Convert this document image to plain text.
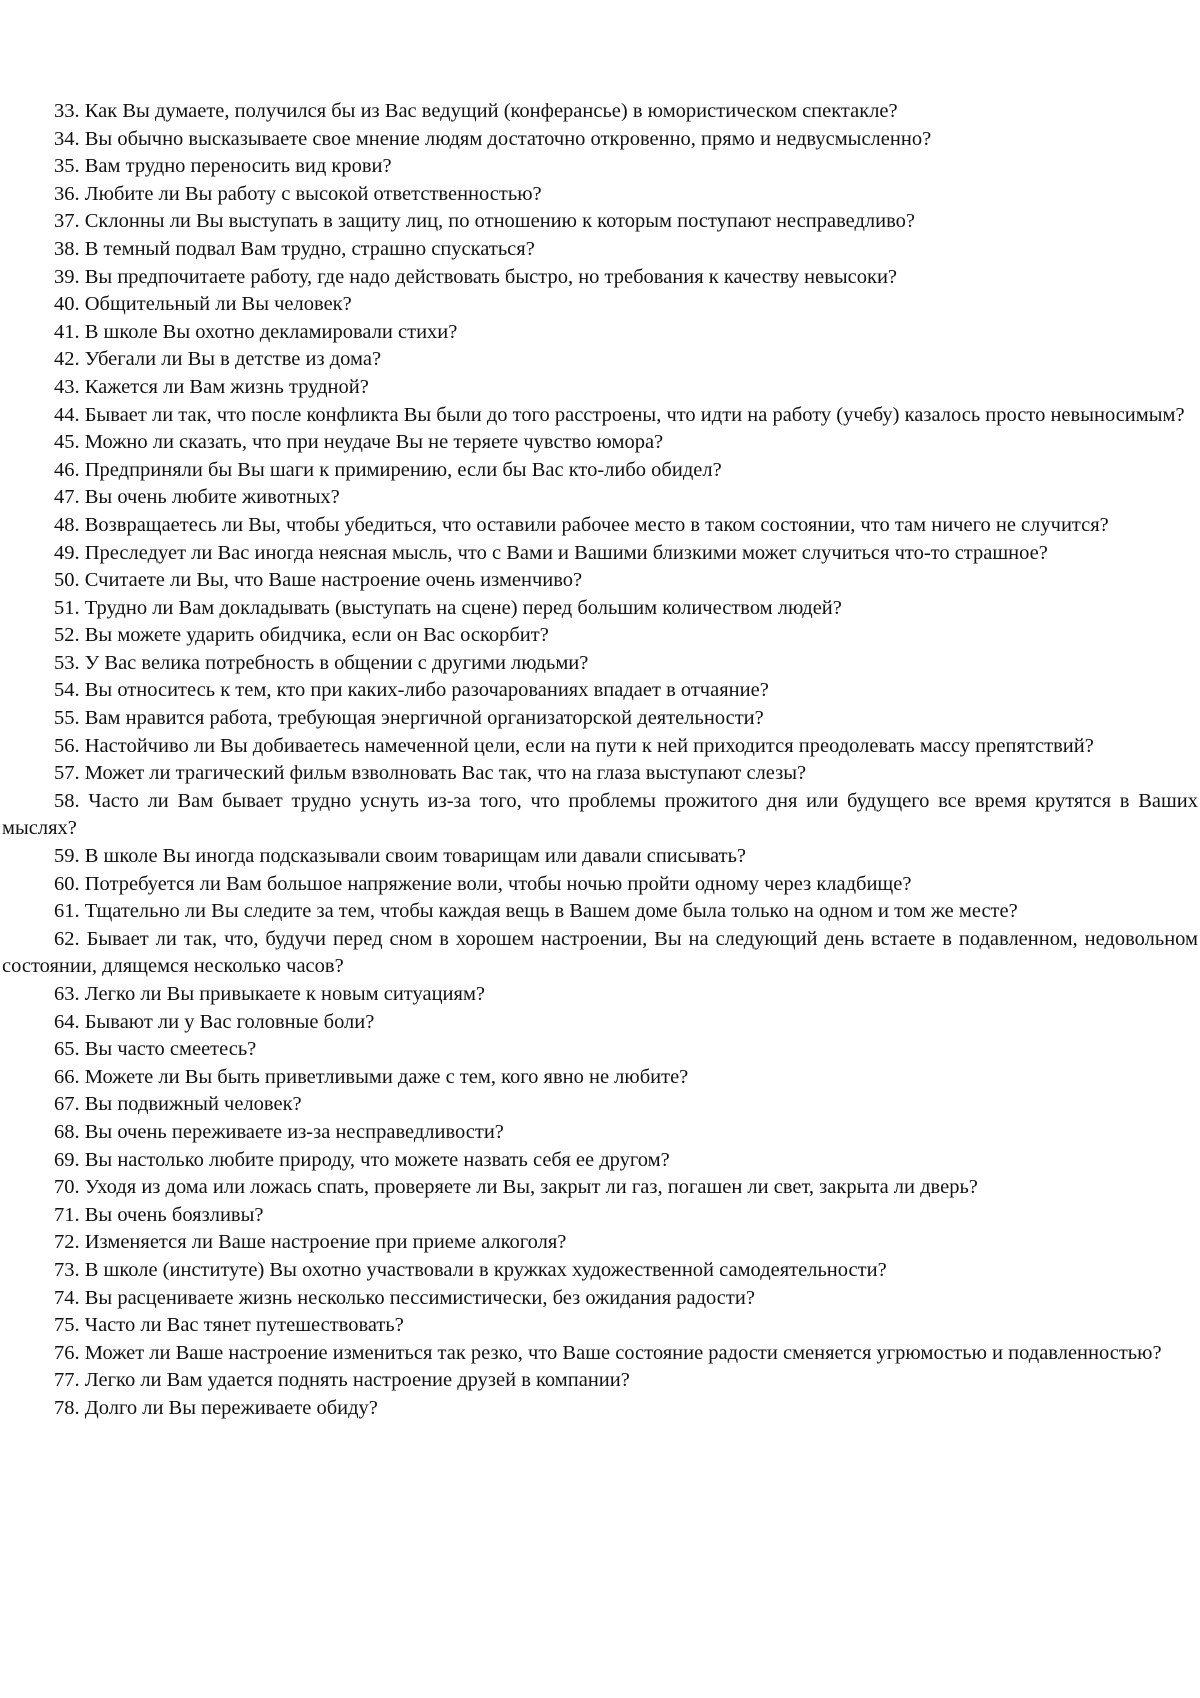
33. Как Вы думаете, получился бы из Вас ведущий (конферансье) в юмористическом спектакле?

34. Вы обычно высказываете свое мнение людям достаточно откровенно, прямо и недвусмысленно?

35. Вам трудно переносить вид крови?

36. Любите ли Вы работу с высокой ответственностью?

37. Склонны ли Вы выступать в защиту лиц, по отношению к которым поступают несправедливо?

38. В темный подвал Вам трудно, страшно спускаться?

39. Вы предпочитаете работу, где надо действовать быстро, но требования к качеству невысоки?

40. Общительный ли Вы человек?

41. В школе Вы охотно декламировали стихи?

42. Убегали ли Вы в детстве из дома?

43. Кажется ли Вам жизнь трудной?

44. Бывает ли так, что после конфликта Вы были до того расстроены, что идти на работу (учебу) казалось просто невыносимым?

45. Можно ли сказать, что при неудаче Вы не теряете чувство юмора?

46. Предприняли бы Вы шаги к примирению, если бы Вас кто-либо обидел?

47. Вы очень любите животных?

48. Возвращаетесь ли Вы, чтобы убедиться, что оставили рабочее место в таком состоянии, что там ничего не случится?

49. Преследует ли Вас иногда неясная мысль, что с Вами и Вашими близкими может случиться что-то страшное?

50. Считаете ли Вы, что Ваше настроение очень изменчиво?

51. Трудно ли Вам докладывать (выступать на сцене) перед большим количеством людей?

52. Вы можете ударить обидчика, если он Вас оскорбит?

53. У Вас велика потребность в общении с другими людьми?

54. Вы относитесь к тем, кто при каких-либо разочарованиях впадает в отчаяние?

55. Вам нравится работа, требующая энергичной организаторской деятельности?

56. Настойчиво ли Вы добиваетесь намеченной цели, если на пути к ней приходится преодолевать массу препятствий?

57. Может ли трагический фильм взволновать Вас так, что на глаза выступают слезы?

58. Часто ли Вам бывает трудно уснуть из-за того, что проблемы прожитого дня или будущего все время крутятся в Ваших мыслях?

59. В школе Вы иногда подсказывали своим товарищам или давали списывать?

60. Потребуется ли Вам большое напряжение воли, чтобы ночью пройти одному через кладбище?

61. Тщательно ли Вы следите за тем, чтобы каждая вещь в Вашем доме была только на одном и том же месте?

62. Бывает ли так, что, будучи перед сном в хорошем настроении, Вы на следующий день встаете в подавленном, недовольном состоянии, длящемся несколько часов?

63. Легко ли Вы привыкаете к новым ситуациям?

64. Бывают ли у Вас головные боли?

65. Вы часто смеетесь?

66. Можете ли Вы быть приветливыми даже с тем, кого явно не любите?

67. Вы подвижный человек?

68. Вы очень переживаете из-за несправедливости?

69. Вы настолько любите природу, что можете назвать себя ее другом?

70. Уходя из дома или ложась спать, проверяете ли Вы, закрыт ли газ, погашен ли свет, закрыта ли дверь?

71. Вы очень боязливы?

72. Изменяется ли Ваше настроение при приеме алкоголя?

73. В школе (институте) Вы охотно участвовали в кружках художественной самодеятельности?

74. Вы расцениваете жизнь несколько пессимистически, без ожидания радости?

75. Часто ли Вас тянет путешествовать?

76. Может ли Ваше настроение измениться так резко, что Ваше состояние радости сменяется угрюмостью и подавленностью?

77. Легко ли Вам удается поднять настроение друзей в компании?

78. Долго ли Вы переживаете обиду?
